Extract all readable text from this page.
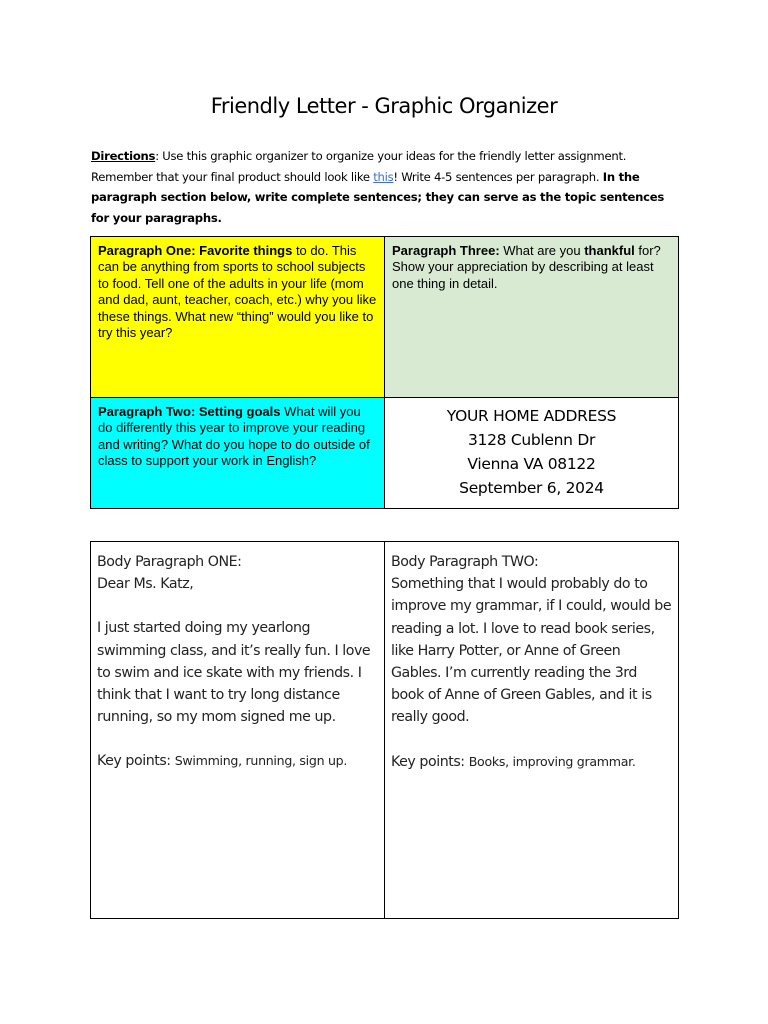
Friendly Letter - Graphic Organizer
Directions: Use this graphic organizer to organize your ideas for the friendly letter assignment. Remember that your final product should look like this! Write 4-5 sentences per paragraph. In the paragraph section below, write complete sentences; they can serve as the topic sentences for your paragraphs.
Paragraph One: Favorite things to do. This can be anything from sports to school subjects to food. Tell one of the adults in your life (mom and dad, aunt, teacher, coach, etc.) why you like these things. What new “thing” would you like to try this year?	Paragraph Three: What are you thankful for? Show your appreciation by describing at least one thing in detail.
Paragraph Two: Setting goals What will you do differently this year to improve your reading and writing? What do you hope to do outside of class to support your work in English?	YOUR HOME ADDRESS
3128 Cublenn Dr
Vienna VA 08122
September 6, 2024
Body Paragraph ONE:
Dear Ms. Katz,
I just started doing my yearlong swimming class, and it’s really fun. I love to swim and ice skate with my friends. I think that I want to try long distance running, so my mom signed me up.
Key points: Swimming, running, sign up.

Body Paragraph TWO:
Something that I would probably do to improve my grammar, if I could, would be reading a lot. I love to read book series, like Harry Potter, or Anne of Green Gables. I’m currently reading the 3rd book of Anne of Green Gables, and it is really good.
Key points: Books, improving grammar.
